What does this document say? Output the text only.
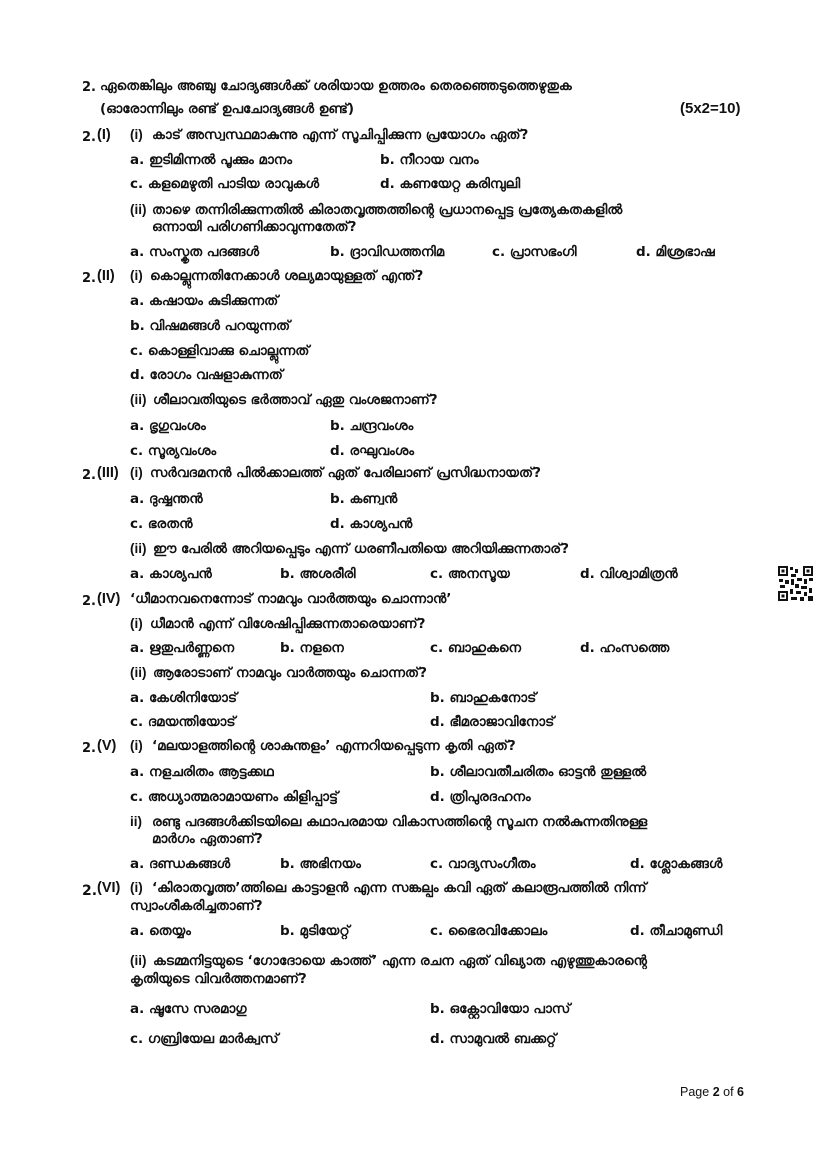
2. ഏതെങ്കിലും അഞ്ചു ചോദ്യങ്ങൾക്ക് ശരിയായ ഉത്തരം തെരഞ്ഞെടുത്തെഴുതുക
(ഓരോന്നിലും രണ്ട് ഉപചോദ്യങ്ങൾ ഉണ്ട്)	(5x2=10)
2. (I) (i) കാട് അസ്വസ്ഥമാകുന്നു എന്ന് സൂചിപ്പിക്കുന്ന പ്രയോഗം ഏത്?
a. ഇടിമിന്നൽ പൂക്കും മാനം	b. നീറായ വനം
c. കളമെഴുതി പാടിയ രാവുകൾ	d. കണയേറ്റ കരിമ്പുലി
(ii) താഴെ തന്നിരിക്കുന്നതിൽ കിരാതവൃത്തത്തിന്റെ പ്രധാനപ്പെട്ട പ്രത്യേകതകളിൽ
ഒന്നായി പരിഗണിക്കാവുന്നതേത്?
a. സംസ്കൃത പദങ്ങൾ	b. ദ്രാവിഡത്തനിമ	c. പ്രാസഭംഗി	d. മിശ്രഭാഷ
2. (II) (i) കൊല്ലുന്നതിനേക്കാൾ ശല്യമായുള്ളത് എന്ത്?
a. കഷായം കുടിക്കുന്നത്
b. വിഷമങ്ങൾ പറയുന്നത്
c. കൊള്ളിവാക്കു ചൊല്ലുന്നത്
d. രോഗം വഷളാകുന്നത്
(ii) ശീലാവതിയുടെ ഭർത്താവ് ഏതു വംശജനാണ്?
a. ഭൃഗുവംശം	b. ചന്ദ്രവംശം
c. സൂര്യവംശം	d. രഘുവംശം
2. (III) (i) സർവദമനൻ പിൽക്കാലത്ത് ഏത് പേരിലാണ് പ്രസിദ്ധനായത്?
a. ദുഷ്ഷന്തൻ	b. കണ്വൻ
c. ഭരതൻ	d. കാശ്യപൻ
(ii) ഈ പേരിൽ അറിയപ്പെടും എന്ന് ധരണീപതിയെ അറിയിക്കുന്നതാര്?
a. കാശ്യപൻ	b. അശരീരി	c. അനസൂയ	d. വിശ്വാമിത്രൻ
2. (IV) ‘ധീമാനവനെന്നോട് നാമവും വാർത്തയും ചൊന്നാൻ’
(i) ധീമാൻ എന്ന് വിശേഷിപ്പിക്കുന്നതാരെയാണ്?
a. ഋതുപർണ്ണനെ	b. നളനെ	c. ബാഹുകനെ	d. ഹംസത്തെ
(ii) ആരോടാണ് നാമവും വാർത്തയും ചൊന്നത്?
a. കേശിനിയോട്	b. ബാഹുകനോട്
c. ദമയന്തിയോട്	d. ഭീമരാജാവിനോട്
2. (V) (i) ‘മലയാളത്തിന്റെ ശാകുന്തളം’ എന്നറിയപ്പെടുന്ന കൃതി ഏത്?
a. നളചരിതം ആട്ടക്കഥ	b. ശീലാവതീചരിതം ഓട്ടൻ തുള്ളൽ
c. അധ്യാത്മരാമായണം കിളിപ്പാട്ട്	d. ത്രിപുരദഹനം
ii) രണ്ടു പദങ്ങൾക്കിടയിലെ കഥാപരമായ വികാസത്തിന്റെ സൂചന നൽകുന്നതിനുള്ള
മാർഗം ഏതാണ്?
a. ദണ്ഡകങ്ങൾ	b. അഭിനയം	c. വാദ്യസംഗീതം	d. ശ്ലോകങ്ങൾ
2. (VI) (i) ‘കിരാതവൃത്ത’ത്തിലെ കാട്ടാളൻ എന്ന സങ്കല്പം കവി ഏത് കലാരൂപത്തിൽ നിന്ന്
സ്വാംശീകരിച്ചതാണ്?
a. തെയ്യം	b. മുടിയേറ്റ്	c. ഭൈരവിക്കോലം	d. തീചാമുണ്ഡി
(ii) കടമ്മനിട്ടയുടെ ‘ഗോദോയെ കാത്ത്’ എന്ന രചന ഏത് വിഖ്യാത എഴുത്തുകാരന്റെ
കൃതിയുടെ വിവർത്തനമാണ്?
a. ഷൂസേ സരമാഗു	b. ഒക്റ്റോവിയോ പാസ്
c. ഗബ്രിയേല മാർക്വസ്	d. സാമുവൽ ബക്കറ്റ്
Page 2 of 6
